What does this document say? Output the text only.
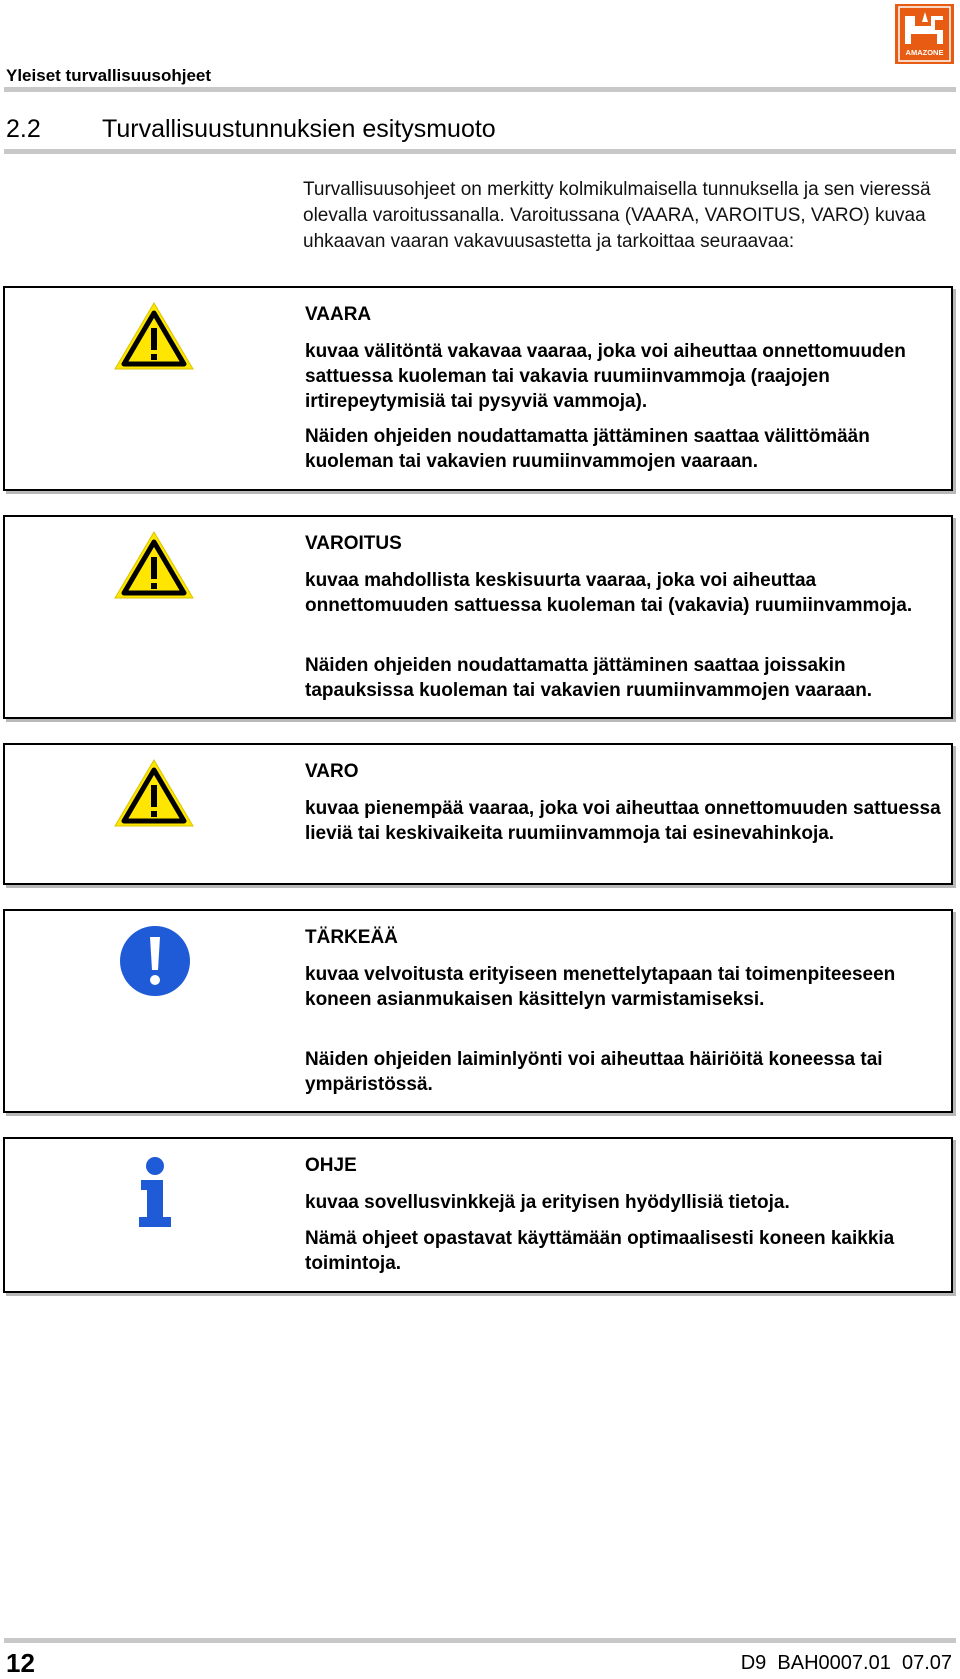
Yleiset turvallisuusohjeet
AMAZONE
2.2 Turvallisuustunnuksien esitysmuoto
Turvallisuusohjeet on merkitty kolmikulmaisella tunnuksella ja sen vieressä olevalla varoitussanalla. Varoitussana (VAARA, VAROITUS, VARO) kuvaa uhkaavan vaaran vakavuusastetta ja tarkoittaa seuraavaa:
VAARA
kuvaa välitöntä vakavaa vaaraa, joka voi aiheuttaa onnettomuuden sattuessa kuoleman tai vakavia ruumiinvammoja (raajojen irtirepeytymisiä tai pysyviä vammoja).
Näiden ohjeiden noudattamatta jättäminen saattaa välittömään kuoleman tai vakavien ruumiinvammojen vaaraan.
VAROITUS
kuvaa mahdollista keskisuurta vaaraa, joka voi aiheuttaa onnettomuuden sattuessa kuoleman tai (vakavia) ruumiinvammoja.
Näiden ohjeiden noudattamatta jättäminen saattaa joissakin tapauksissa kuoleman tai vakavien ruumiinvammojen vaaraan.
VARO
kuvaa pienempää vaaraa, joka voi aiheuttaa onnettomuuden sattuessa lieviä tai keskivaikeita ruumiinvammoja tai esinevahinkoja.
TÄRKEÄÄ
kuvaa velvoitusta erityiseen menettelytapaan tai toimenpiteeseen koneen asianmukaisen käsittelyn varmistamiseksi.
Näiden ohjeiden laiminlyönti voi aiheuttaa häiriöitä koneessa tai ympäristössä.
OHJE
kuvaa sovellusvinkkejä ja erityisen hyödyllisiä tietoja.
Nämä ohjeet opastavat käyttämään optimaalisesti koneen kaikkia toimintoja.
12	D9  BAH0007.01  07.07
